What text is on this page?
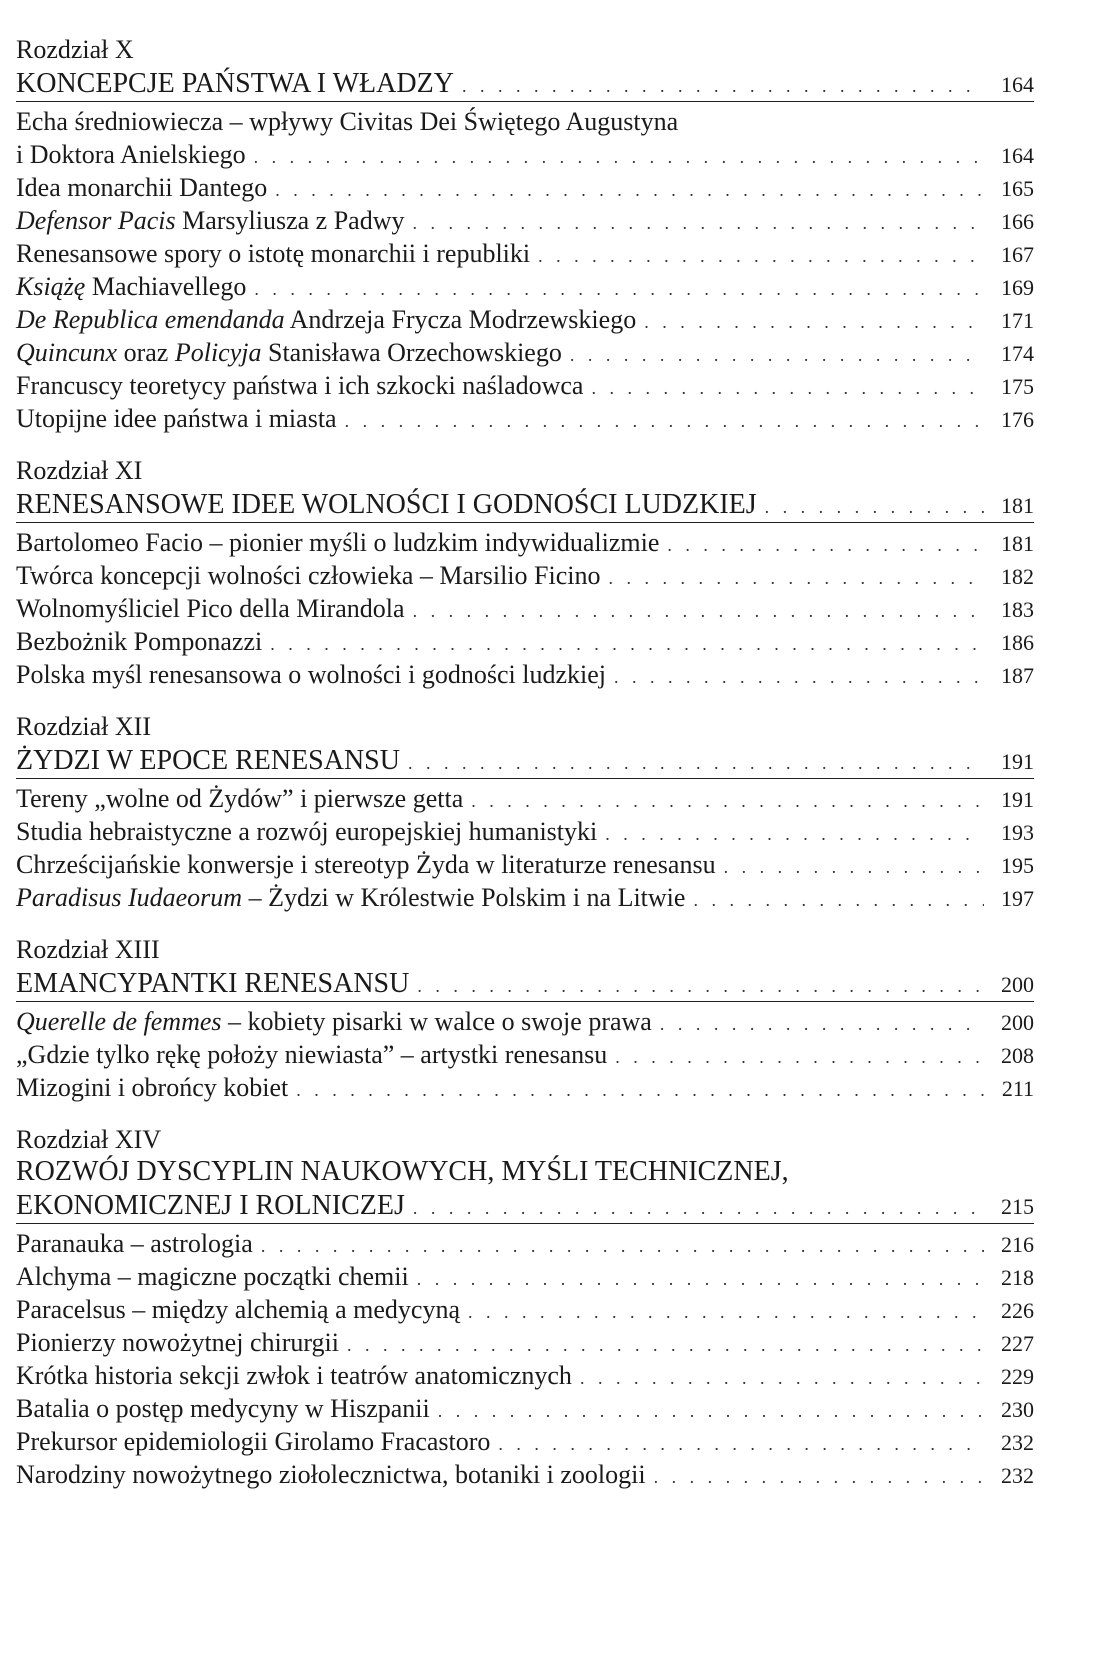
Rozdział X
KONCEPCJE PAŃSTWA I WŁADZY . . .	164
Echa średniowiecza – wpływy Civitas Dei Świętego Augustyna
i Doktora Anielskiego . . .	164
Idea monarchii Dantego . . .	165
Defensor Pacis Marsyliusza z Padwy . . .	166
Renesansowe spory o istotę monarchii i republiki . . .	167
Książę Machiavellego . . .	169
De Republica emendanda Andrzeja Frycza Modrzewskiego . . .	171
Quincunx oraz Policyja Stanisława Orzechowskiego . . .	174
Francuscy teoretycy państwa i ich szkocki naśladowca . . .	175
Utopijne idee państwa i miasta . . .	176
Rozdział XI
RENESANSOWE IDEE WOLNOŚCI I GODNOŚCI LUDZKIEJ . . .	181
Bartolomeo Facio – pionier myśli o ludzkim indywidualizmie . . .	181
Twórca koncepcji wolności człowieka – Marsilio Ficino . . .	182
Wolnomyśliciel Pico della Mirandola . . .	183
Bezbożnik Pomponazzi . . .	186
Polska myśl renesansowa o wolności i godności ludzkiej . . .	187
Rozdział XII
ŻYDZI W EPOCE RENESANSU . . .	191
Tereny „wolne od Żydów” i pierwsze getta . . .	191
Studia hebraistyczne a rozwój europejskiej humanistyki . . .	193
Chrześcijańskie konwersje i stereotyp Żyda w literaturze renesansu . . .	195
Paradisus Iudaeorum – Żydzi w Królestwie Polskim i na Litwie . . .	197
Rozdział XIII
EMANCYPANTKI RENESANSU . . .	200
Querelle de femmes – kobiety pisarki w walce o swoje prawa . . .	200
„Gdzie tylko rękę położy niewiasta” – artystki renesansu . . .	208
Mizogini i obrońcy kobiet . . .	211
Rozdział XIV
ROZWÓJ DYSCYPLIN NAUKOWYCH, MYŚLI TECHNICZNEJ,
EKONOMICZNEJ I ROLNICZEJ . . .	215
Paranauka – astrologia . . .	216
Alchyma – magiczne początki chemii . . .	218
Paracelsus – między alchemią a medycyną . . .	226
Pionierzy nowożytnej chirurgii . . .	227
Krótka historia sekcji zwłok i teatrów anatomicznych . . .	229
Batalia o postęp medycyny w Hiszpanii . . .	230
Prekursor epidemiologii Girolamo Fracastoro . . .	232
Narodziny nowożytnego ziołolecznictwa, botaniki i zoologii . . .	232
